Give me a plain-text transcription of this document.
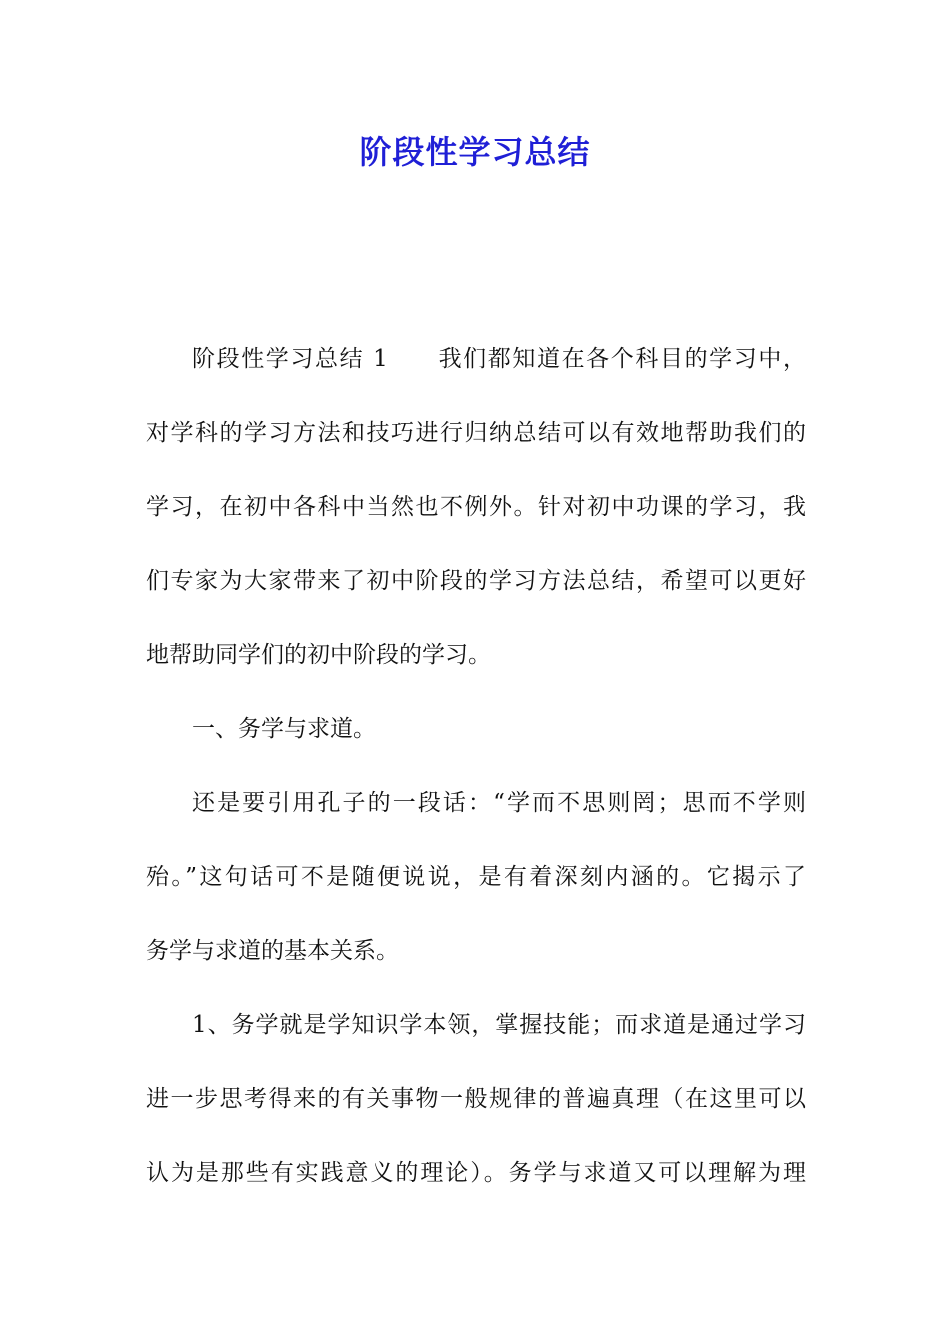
阶段性学习总结
阶段性学习总结 1　　我们都知道在各个科目的学习中，
对学科的学习方法和技巧进行归纳总结可以有效地帮助我们的
学习，在初中各科中当然也不例外。针对初中功课的学习，我
们专家为大家带来了初中阶段的学习方法总结，希望可以更好
地帮助同学们的初中阶段的学习。
一、务学与求道。
还是要引用孔子的一段话：“学而不思则罔；思而不学则
殆。”这句话可不是随便说说，是有着深刻内涵的。它揭示了
务学与求道的基本关系。
1、务学就是学知识学本领，掌握技能；而求道是通过学习
进一步思考得来的有关事物一般规律的普遍真理（在这里可以
认为是那些有实践意义的理论）。务学与求道又可以理解为理
